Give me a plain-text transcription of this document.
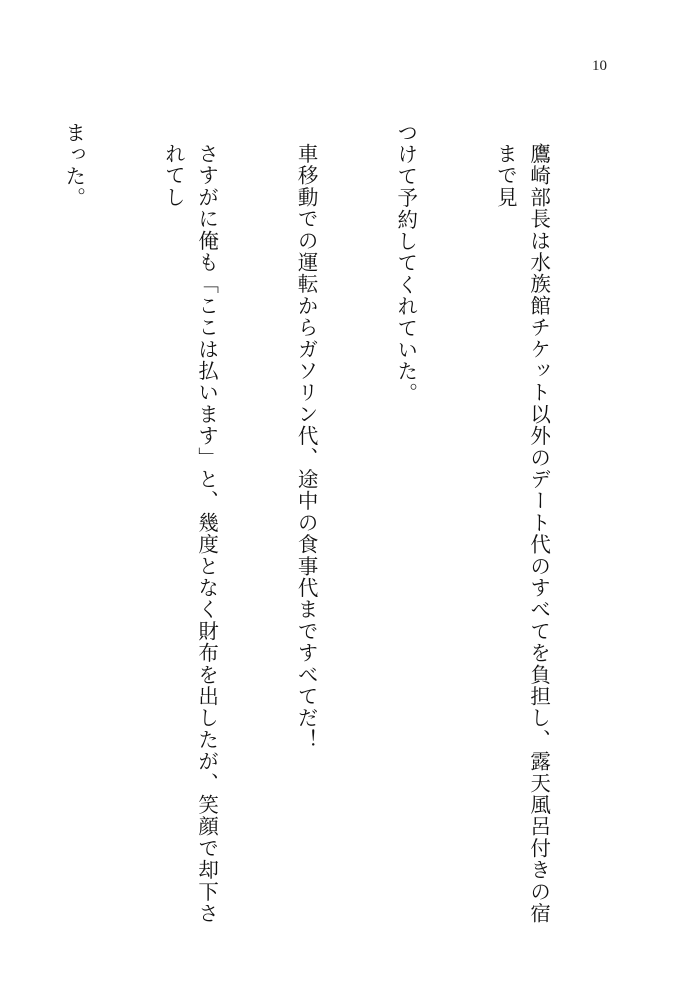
10

鷹崎部長は水族館チケット以外のデート代のすべてを負担し、露天風呂付きの宿まで見

つけて予約してくれていた。

車移動での運転からガソリン代、途中の食事代まですべてだ！

さすがに俺も「ここは払います」と、幾度となく財布を出したが、笑顔で却下されてし

まった。
